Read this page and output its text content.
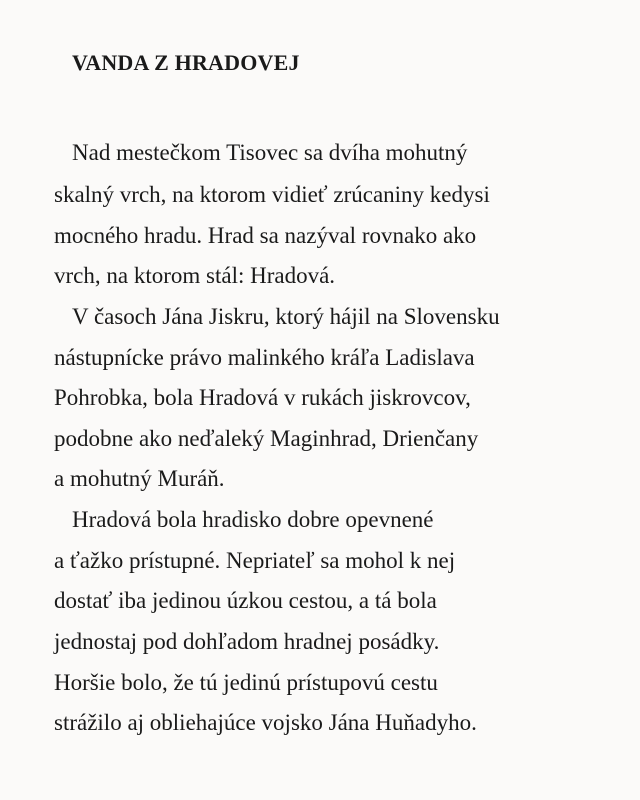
VANDA Z HRADOVEJ

Nad mestečkom Tisovec sa dvíha mohutný

skalný vrch, na ktorom vidieť zrúcaniny kedysi

mocného hradu. Hrad sa nazýval rovnako ako

vrch, na ktorom stál: Hradová.

V časoch Jána Jiskru, ktorý hájil na Slovensku

nástupnícke právo malinkého kráľa Ladislava

Pohrobka, bola Hradová v rukách jiskrovcov,

podobne ako neďaleký Maginhrad, Drienčany

a mohutný Muráň.

Hradová bola hradisko dobre opevnené

a ťažko prístupné. Nepriateľ sa mohol k nej

dostať iba jedinou úzkou cestou, a tá bola

jednostaj pod dohľadom hradnej posádky.

Horšie bolo, že tú jedinú prístupovú cestu

strážilo aj obliehajúce vojsko Jána Huňadyho.
